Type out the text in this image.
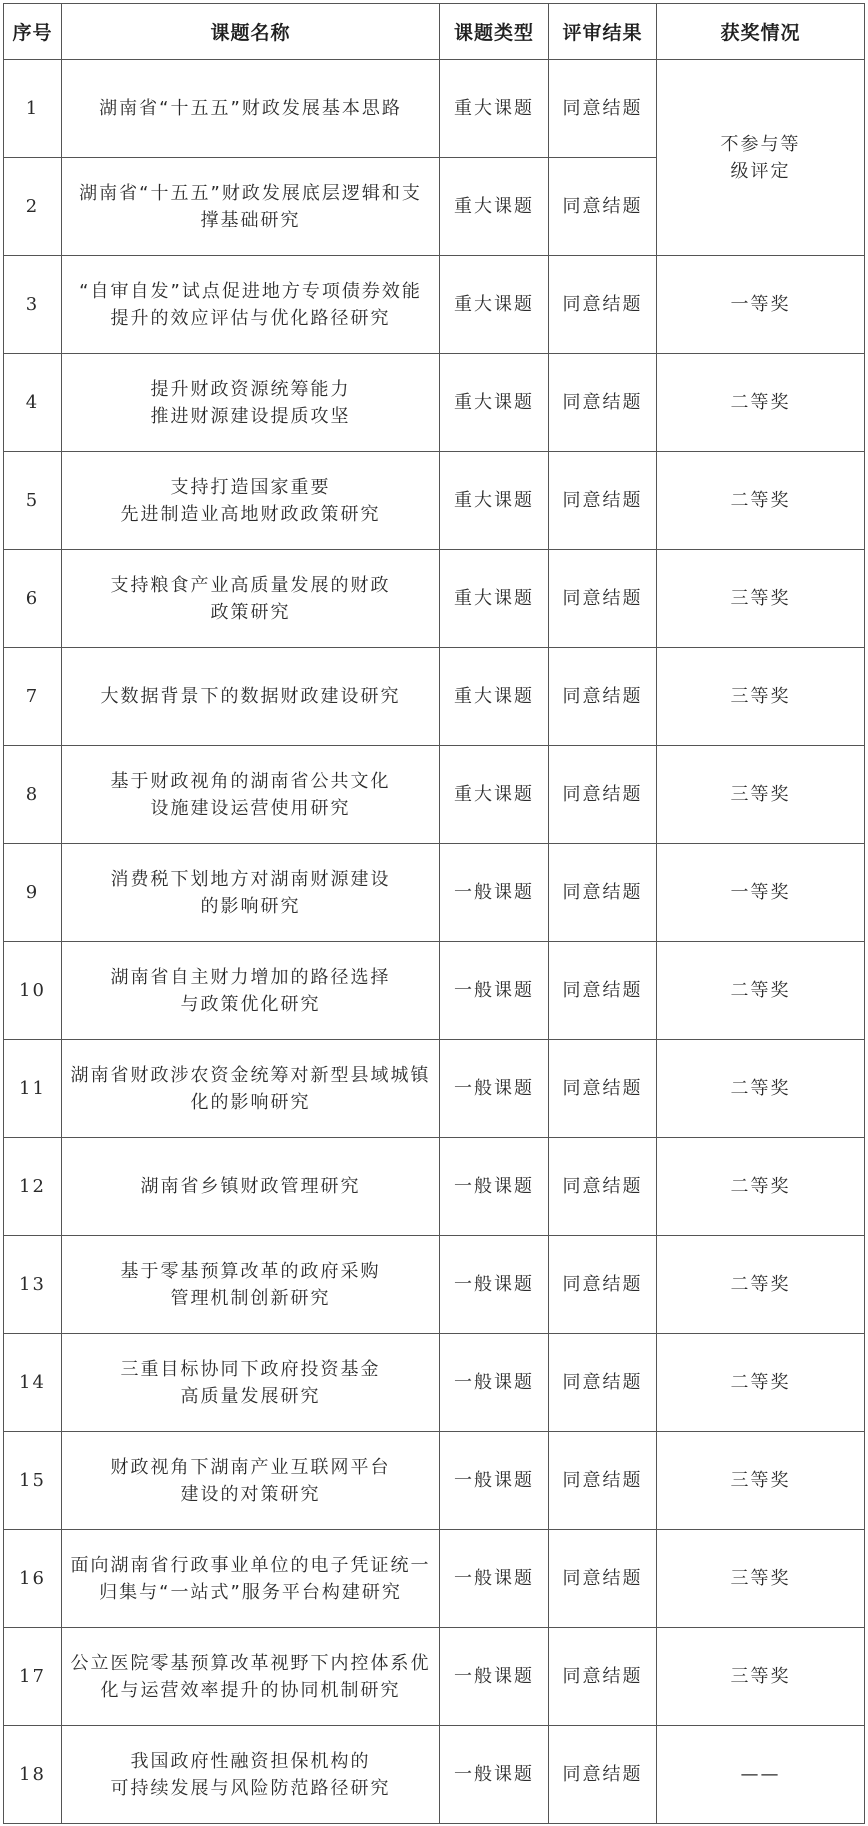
序号	课题名称	课题类型	评审结果	获奖情况
1	湖南省“十五五”财政发展基本思路	重大课题	同意结题	不参与等
级评定

2	湖南省“十五五”财政发展底层逻辑和支
撑基础研究	重大课题	同意结题	
3	“自审自发”试点促进地方专项债券效能
提升的效应评估与优化路径研究	重大课题	同意结题	一等奖
4	提升财政资源统筹能力
推进财源建设提质攻坚	重大课题	同意结题	二等奖
5	支持打造国家重要
先进制造业高地财政政策研究	重大课题	同意结题	二等奖
6	支持粮食产业高质量发展的财政
政策研究	重大课题	同意结题	三等奖
7	大数据背景下的数据财政建设研究	重大课题	同意结题	三等奖
8	基于财政视角的湖南省公共文化
设施建设运营使用研究	重大课题	同意结题	三等奖
9	消费税下划地方对湖南财源建设
的影响研究	一般课题	同意结题	一等奖
10	湖南省自主财力增加的路径选择
与政策优化研究	一般课题	同意结题	二等奖
11	湖南省财政涉农资金统筹对新型县域城镇
化的影响研究	一般课题	同意结题	二等奖
12	湖南省乡镇财政管理研究	一般课题	同意结题	二等奖
13	基于零基预算改革的政府采购
管理机制创新研究	一般课题	同意结题	二等奖
14	三重目标协同下政府投资基金
高质量发展研究	一般课题	同意结题	二等奖
15	财政视角下湖南产业互联网平台
建设的对策研究	一般课题	同意结题	三等奖
16	面向湖南省行政事业单位的电子凭证统一
归集与“一站式”服务平台构建研究	一般课题	同意结题	三等奖
17	公立医院零基预算改革视野下内控体系优
化与运营效率提升的协同机制研究	一般课题	同意结题	三等奖
18	我国政府性融资担保机构的
可持续发展与风险防范路径研究	一般课题	同意结题	——
